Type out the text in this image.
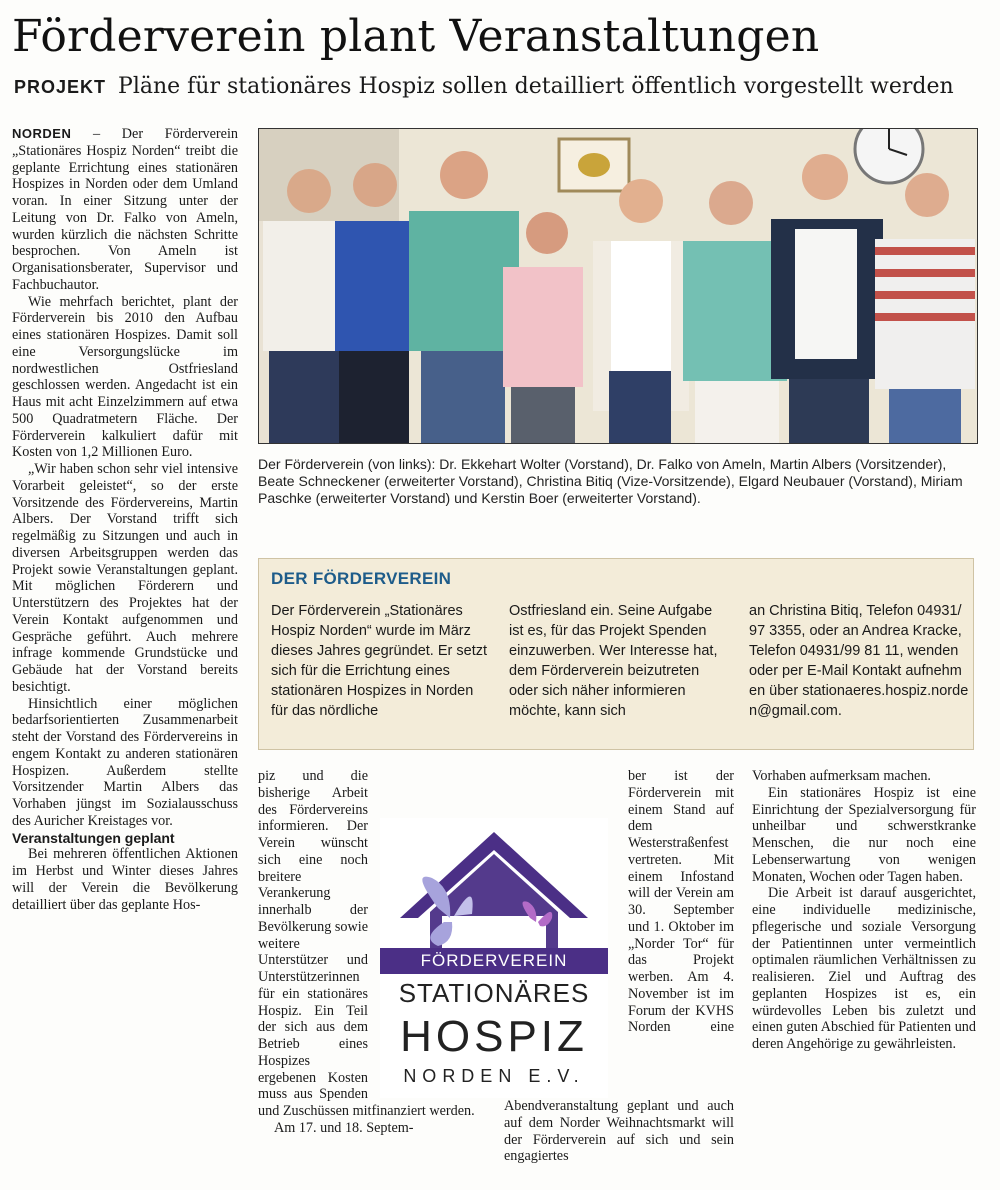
Förderverein plant Veranstaltungen
PROJEKT Pläne für stationäres Hospiz sollen detailliert öffentlich vorgestellt werden

NORDEN – Der Förderverein „Stationäres Hospiz Norden“ treibt die geplante Errichtung eines stationären Hospizes in Norden oder dem Umland voran. In einer Sitzung unter der Leitung von Dr. Falko von Ameln, wurden kürzlich die nächsten Schritte besprochen. Von Ameln ist Organisationsberater, Supervisor und Fachbuchautor.

Wie mehrfach berichtet, plant der Förderverein bis 2010 den Aufbau eines stationären Hospizes. Damit soll eine Versorgungslücke im nordwestlichen Ostfriesland geschlossen werden. Angedacht ist ein Haus mit acht Einzelzimmern auf etwa 500 Quadratmetern Fläche. Der Förderverein kalkuliert dafür mit Kosten von 1,2 Millionen Euro.

„Wir haben schon sehr viel intensive Vorarbeit geleistet“, so der erste Vorsitzende des Fördervereins, Martin Albers. Der Vorstand trifft sich regelmäßig zu Sitzungen und auch in diversen Arbeitsgruppen werden das Projekt sowie Veranstaltungen geplant. Mit möglichen Förderern und Unterstützern des Projektes hat der Verein Kontakt aufgenommen und Gespräche geführt. Auch mehrere infrage kommende Grundstücke und Gebäude hat der Vorstand bereits besichtigt.

Hinsichtlich einer möglichen bedarfsorientierten Zusammenarbeit steht der Vorstand des Fördervereins in engem Kontakt zu anderen stationären Hospizen. Außerdem stellte Vorsitzender Martin Albers das Vorhaben jüngst im Sozialausschuss des Auricher Kreistages vor.

Veranstaltungen geplant

Bei mehreren öffentlichen Aktionen im Herbst und Winter dieses Jahres will der Verein die Bevölkerung detailliert über das geplante Hos-

Der Förderverein (von links): Dr. Ekkehart Wolter (Vorstand), Dr. Falko von Ameln, Martin Albers (Vorsitzender), Beate Schneckener (erweiterter Vorstand), Christina Bitiq (Vize-Vorsitzende), Elgard Neubauer (Vorstand), Miriam Paschke (erweiterter Vorstand) und Kerstin Boer (erweiterter Vorstand).
DER FÖRDERVEREIN
Der Förderverein „Stationäres Hospiz Norden“ wurde im März dieses Jahres gegründet. Er setzt sich für die Errichtung eines stationären Hospizes in Norden für das nördliche
Ostfriesland ein. Seine Aufgabe ist es, für das Projekt Spenden einzuwerben. Wer Interesse hat, dem Förderverein beizutreten oder sich näher informieren möchte, kann sich
an Christina Bitiq, Telefon 04931/97 3355, oder an Andrea Kracke, Telefon 04931/99 81 11, wenden oder per E-Mail Kontakt aufnehmen über stationaeres.hospiz.norden@gmail.com.

piz und die bisherige Arbeit des Fördervereins informieren. Der Verein wünscht sich eine noch breitere Verankerung innerhalb der Bevölkerung sowie weitere Unterstützer und Unterstützerinnen für ein stationäres Hospiz. Ein Teil der sich aus dem Betrieb eines Hospizes ergebenen Kosten muss aus Spenden und Zuschüssen mitfinanziert werden.

Am 17. und 18. Septem-

ber ist der Förderverein mit einem Stand auf dem Westerstraßenfest vertreten. Mit einem Infostand will der Verein am 30. September und 1. Oktober im „Norder Tor“ für das Projekt werben. Am 4. November ist im Forum der KVHS Norden eine Abendveranstaltung geplant und auch auf dem Norder Weihnachtsmarkt will der Förderverein auf sich und sein engagiertes

Vorhaben aufmerksam machen.

Ein stationäres Hospiz ist eine Einrichtung der Spezialversorgung für unheilbar und schwerstkranke Menschen, die nur noch eine Lebenserwartung von wenigen Monaten, Wochen oder Tagen haben.

Die Arbeit ist darauf ausgerichtet, eine individuelle medizinische, pflegerische und soziale Versorgung der Patientinnen unter vermeintlich optimalen räumlichen Verhältnissen zu realisieren. Ziel und Auftrag des geplanten Hospizes ist es, ein würdevolles Leben bis zuletzt und einen guten Abschied für Patienten und deren Angehörige zu gewährleisten.

FÖRDERVEREIN
STATIONÄRES
HOSPIZ
NORDEN E.V.
